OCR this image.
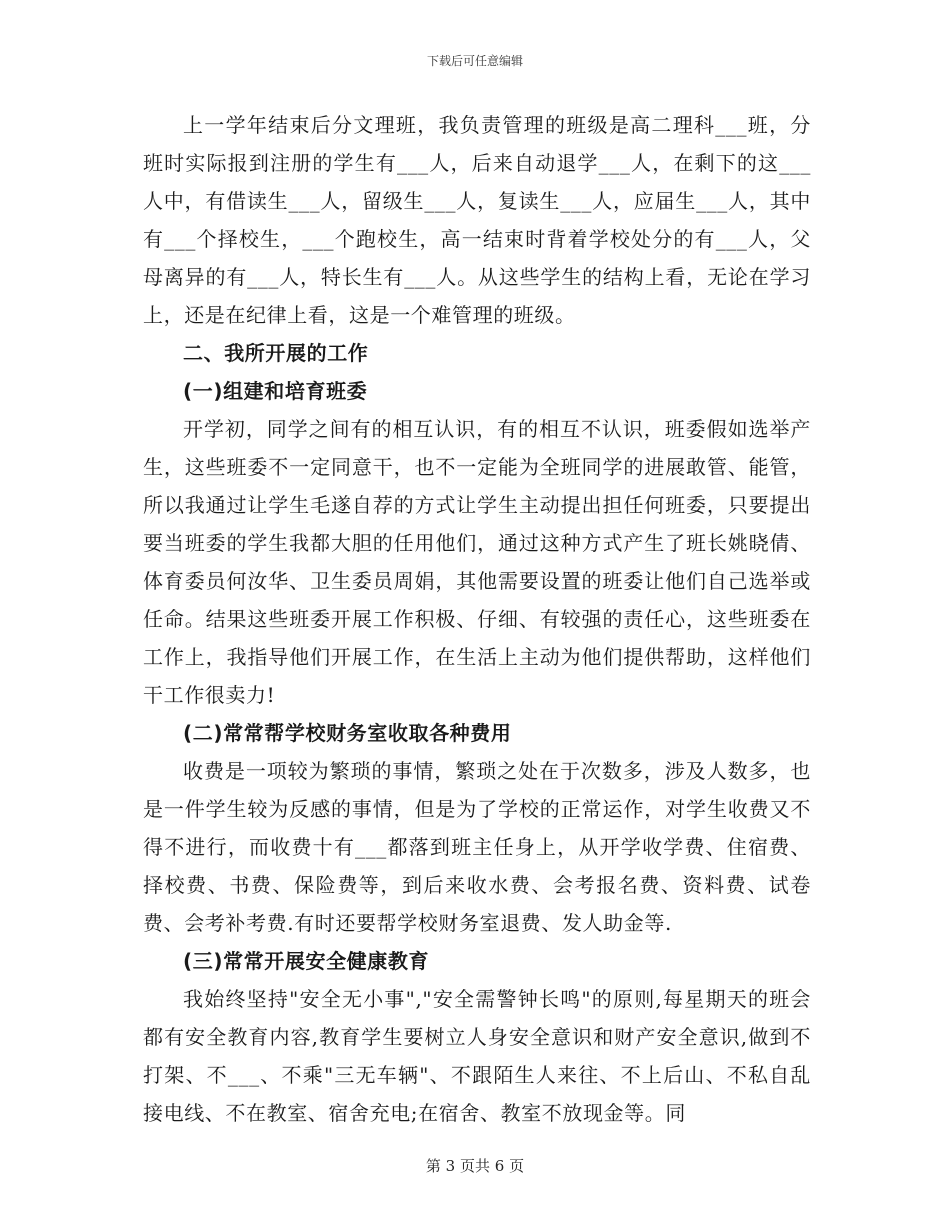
下载后可任意编辑

上一学年结束后分文理班，我负责管理的班级是高二理科___班，分班时实际报到注册的学生有___人，后来自动退学___人，在剩下的这___人中，有借读生___人，留级生___人，复读生___人，应届生___人，其中有___个择校生，___个跑校生，高一结束时背着学校处分的有___人，父母离异的有___人，特长生有___人。从这些学生的结构上看，无论在学习上，还是在纪律上看，这是一个难管理的班级。

二、我所开展的工作

(一)组建和培育班委

开学初，同学之间有的相互认识，有的相互不认识，班委假如选举产生，这些班委不一定同意干，也不一定能为全班同学的进展敢管、能管，所以我通过让学生毛遂自荐的方式让学生主动提出担任何班委，只要提出要当班委的学生我都大胆的任用他们，通过这种方式产生了班长姚晓倩、体育委员何汝华、卫生委员周娟，其他需要设置的班委让他们自己选举或任命。结果这些班委开展工作积极、仔细、有较强的责任心，这些班委在工作上，我指导他们开展工作，在生活上主动为他们提供帮助，这样他们干工作很卖力!

(二)常常帮学校财务室收取各种费用

收费是一项较为繁琐的事情，繁琐之处在于次数多，涉及人数多，也是一件学生较为反感的事情，但是为了学校的正常运作，对学生收费又不得不进行，而收费十有___都落到班主任身上，从开学收学费、住宿费、择校费、书费、保险费等，到后来收水费、会考报名费、资料费、试卷费、会考补考费.有时还要帮学校财务室退费、发人助金等.

(三)常常开展安全健康教育

我始终坚持"安全无小事","安全需警钟长鸣"的原则,每星期天的班会都有安全教育内容,教育学生要树立人身安全意识和财产安全意识,做到不打架、不___、不乘"三无车辆"、不跟陌生人来往、不上后山、不私自乱接电线、不在教室、宿舍充电;在宿舍、教室不放现金等。同

第 3 页共 6 页
